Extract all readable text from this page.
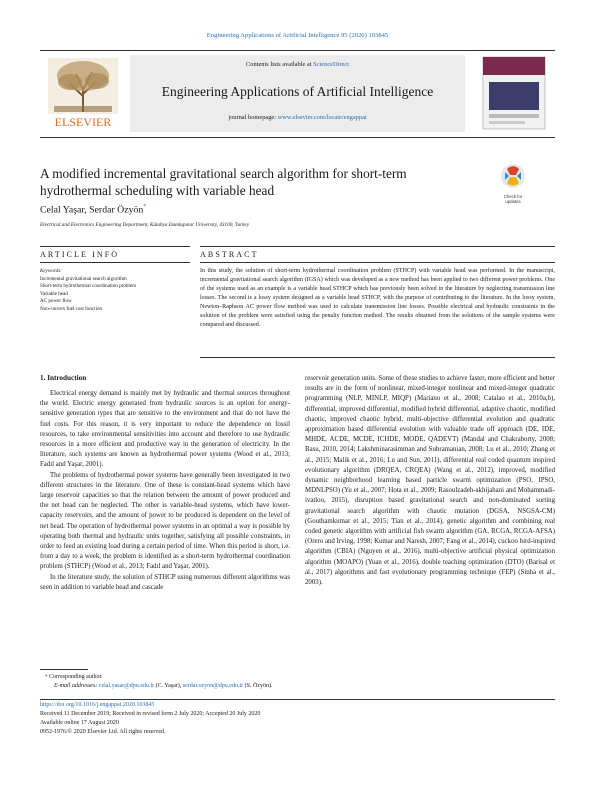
Engineering Applications of Artificial Intelligence 95 (2020) 103845
ELSEVIER
Contents lists available at ScienceDirect
Engineering Applications of Artificial Intelligence
journal homepage: www.elsevier.com/locate/engappai
A modified incremental gravitational search algorithm for short-term hydrothermal scheduling with variable head	Check for updates
Celal Yaşar, Serdar Özyön*
Electrical and Electronics Engineering Department, Kütahya Dumlupınar University, 43100, Turkey
ARTICLE INFO
Keywords:
Incremental gravitational search algorithm
Short-term hydrothermal coordination problem
Variable head
AC power flow
Non-convex fuel cost function
ABSTRACT
In this study, the solution of short-term hydrothermal coordination problem (STHCP) with variable head was performed. In the manuscript, incremental gravitational search algorithm (IGSA) which was developed as a new method has been applied to two different power problems. One of the systems used as an example is a variable head STHCP which has previously been solved in the literature by neglecting transmission line losses. The second is a lossy system designed as a variable head STHCP, with the purpose of contributing to the literature. In the lossy system, Newton–Raphson AC power flow method was used to calculate transmission line losses. Possible electrical and hydraulic constraints in the solution of the problem were satisfied using the penalty function method. The results obtained from the solutions of the sample systems were compared and discussed.
1. Introduction

Electrical energy demand is mainly met by hydraulic and thermal sources throughout the world. Electric energy generated from hydraulic sources is an option for energy-sensitive generation types that are sensitive to the environment and that do not have the fuel costs. For this reason, it is very important to reduce the dependence on fossil resources, to take environmental sensitivities into account and therefore to use hydraulic resources in a more efficient and productive way in the generation of electricity. In the literature, such systems are known as hydrothermal power systems (Wood et al., 2013; Fadıl and Yaşar, 2001).

The problems of hydrothermal power systems have generally been investigated in two different structures in the literature. One of these is constant-head systems which have large reservoir capacities so that the relation between the amount of power produced and the net head can be neglected. The other is variable-head systems, which have lower-capacity reservoirs, and the amount of power to be produced is dependent on the level of net head. The operation of hydrothermal power systems in an optimal a way is possible by operating both thermal and hydraulic units together, satisfying all possible constraints, in order to feed an existing load during a certain period of time. When this period is short, i.e. from a day to a week, the problem is identified as a short-term hydrothermal coordination problem (STHCP) (Wood et al., 2013; Fadıl and Yaşar, 2001).

In the literature study, the solution of STHCP using numerous different algorithms was seen in addition to variable head and cascade

reservoir generation units. Some of these studies to achieve faster, more efficient and better results are in the form of nonlinear, mixed-integer nonlinear and mixed-integer quadratic programming (NLP, MINLP, MIQP) (Mariano et al., 2008; Catalao et al., 2010a,b), differential, improved differential, modified hybrid differential, adaptive chaotic, modified chaotic, improved chaotic hybrid, multi-objective differential evolution and quadratic approximation based differential evolution with valuable trade off approach (DE, IDE, MHDE, ACDE, MCDE, ICHDE, MODE, QADEVT) (Mandal and Chakraborty, 2008; Basu, 2010, 2014; Lakshminarasimman and Subramanian, 2008; Lu et al., 2010; Zhang et al., 2015; Malik et al., 2016; Lu and Sun, 2011), differential real coded quantum inspired evolutionary algorithm (DRQEA, CRQEA) (Wang et al., 2012), improved, modified dynamic neighborhood learning based particle swarm optimization (PSO, IPSO, MDNLPSO) (Yu et al., 2007; Hota et al., 2009; Rasoulzadeh-akhijahani and Mohammadi-ivatloo, 2015), disruption based gravitational search and non-dominated sorting gravitational search algorithm with chaotic mutation (DGSA, NSGSA-CM) (Gouthamkumar et al., 2015; Tian et al., 2014), genetic algorithm and combining real coded genetic algorithm with artificial fish swarm algorithm (GA, RCGA, RCGA-AFSA) (Orero and Irving, 1998; Kumar and Naresh, 2007; Fang et al., 2014), cuckoo bird-inspired algorithm (CBIA) (Nguyen et al., 2016), multi-objective artificial physical optimization algorithm (MOAPO) (Yuan et al., 2016), double teaching optimization (DTO) (Barisal et al., 2017) algorithms and fast evolutionary programming technique (FEP) (Sinha et al., 2003).

* Corresponding author.
E-mail addresses: celal.yasar@dpu.edu.tr (C. Yaşar), serdar.ozyon@dpu.edu.tr (S. Özyön).
https://doi.org/10.1016/j.engappai.2020.103845
Received 11 December 2019; Received in revised form 2 July 2020; Accepted 20 July 2020
Available online 17 August 2020
0952-1976/© 2020 Elsevier Ltd. All rights reserved.
